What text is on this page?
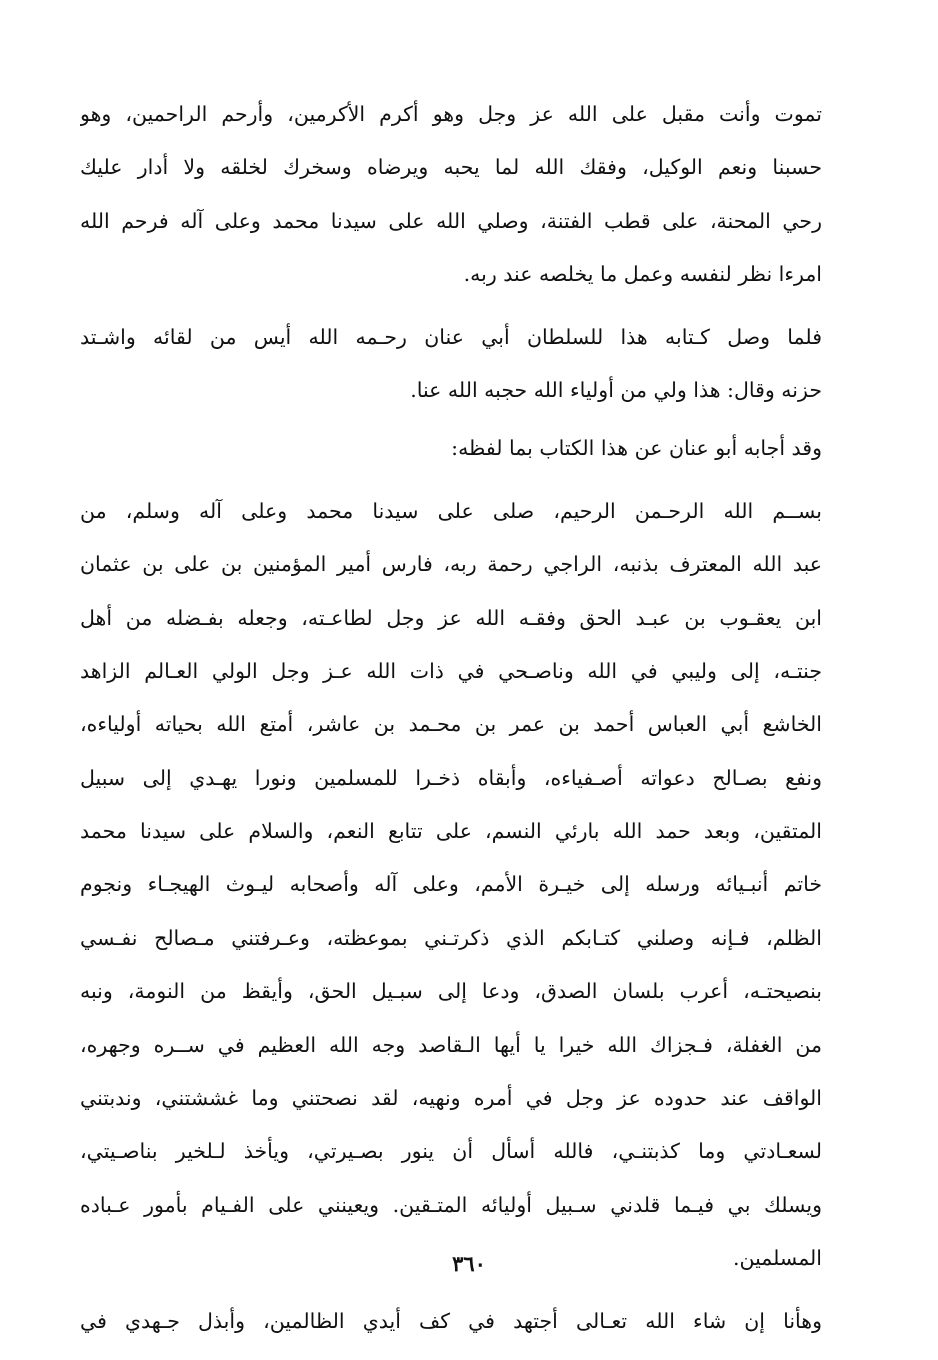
تموت وأنت مقبل على الله عز وجل وهو أكرم الأكرمين، وأرحم الراحمين، وهو
حسبنا ونعم الوكيل، وفقك الله لما يحبه ويرضاه وسخرك لخلقه ولا أدار عليك
رحي المحنة، على قطب الفتنة، وصلي الله على سيدنا محمد وعلى آله فرحم الله
امرءا نظر لنفسه وعمل ما يخلصه عند ربه.
فلما وصل كـتابه هذا للسلطان أبي عنان رحـمه الله أيس من لقائه واشـتد
حزنه وقال: هذا ولي من أولياء الله حجبه الله عنا.
وقد أجابه أبو عنان عن هذا الكتاب بما لفظه:
بســم الله الرحـمن الرحيم، صلى على سيدنا محمد وعلى آله وسلم، من
عبد الله المعترف بذنبه، الراجي رحمة ربه، فارس أمير المؤمنين بن على بن عثمان
ابن يعقـوب بن عبـد الحق وفقـه الله عز وجل لطاعـته، وجعله بفـضله من أهل
جنتـه، إلى وليبي في الله وناصـحي في ذات الله عـز وجل الولي العـالم الزاهد
الخاشع أبي العباس أحمد بن عمر بن محـمد بن عاشر، أمتع الله بحياته أولياءه،
ونفع بصـالح دعواته أصـفياءه، وأبقاه ذخـرا للمسلمين ونورا يهـدي إلى سبيل
المتقين، وبعد حمد الله بارئي النسم، على تتابع النعم، والسلام على سيدنا محمد
خاتم أنبـيائه ورسله إلى خيـرة الأمم، وعلى آله وأصحابه ليـوث الهيجـاء ونجوم
الظلم، فـإنه وصلني كتـابكم الذي ذكرتـني بموعظته، وعـرفتني مـصالح نفـسي
بنصيحتـه، أعرب بلسان الصدق، ودعا إلى سبـيل الحق، وأيقظ من النومة، ونبه
من الغفلة، فـجزاك الله خيرا يا أيها الـقاصد وجه الله العظيم في ســره وجهره،
الواقف عند حدوده عز وجل في أمره ونهيه، لقد نصحتني وما غششتني، وندبتني
لسعـادتي وما كذبتنـي، فالله أسأل أن ينور بصـيرتي، ويأخذ لـلخير بناصـيتي،
ويسلك بي فيـما قلدني سـبيل أوليائه المتـقين. ويعينني على الفـيام بأمور عـباده
المسلمين.
وهأنا إن شاء الله تعـالى أجتهد في كف أيدي الظالمين، وأبذل جـهدي في
٣٦٠
